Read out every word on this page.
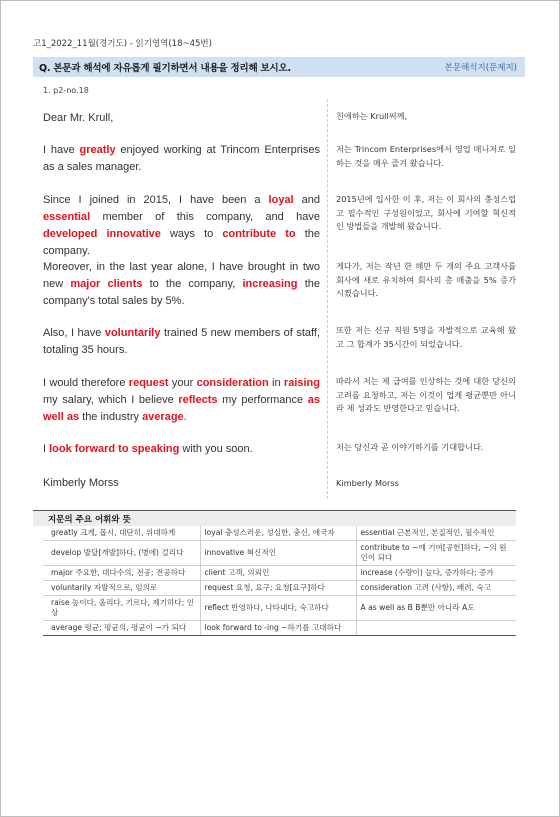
고1_2022_11월(경기도) - 읽기영역(18~45번)
Q. 본문과 해석에 자유롭게 필기하면서 내용을 정리해 보시오.	본문해석지(문제지)
1. p2-no.18
Dear Mr. Krull,	친애하는 Krull씨께,
I have greatly enjoyed working at Trincom Enterprises as a sales manager.
저는 Trincom Enterprises에서 영업 매니저로 일하는 것을 매우 즐겨 왔습니다.
Since I joined in 2015, I have been a loyal and essential member of this company, and have developed innovative ways to contribute to the company.
2015년에 입사한 이 후, 저는 이 회사의 충성스럽고 필수적인 구성원이었고, 회사에 기여할 혁신적인 방법들을 개발해 왔습니다.
Moreover, in the last year alone, I have brought in two new major clients to the company, increasing the company's total sales by 5%.
게다가, 저는 작년 한 해만 두 개의 주요 고객사를 회사에 새로 유치하여 회사의 총 매출을 5% 증가시켰습니다.
Also, I have voluntarily trained 5 new members of staff, totaling 35 hours.
또한 저는 신규 직원 5명을 자발적으로 교육해 왔고 그 합계가 35시간이 되었습니다.
I would therefore request your consideration in raising my salary, which I believe reflects my performance as well as the industry average.
따라서 저는 제 급여를 인상하는 것에 대한 당신의 고려를 요청하고, 저는 이것이 업계 평균뿐만 아니라 제 성과도 반영한다고 믿습니다.
I look forward to speaking with you soon.	저는 당신과 곧 이야기하기를 기대합니다.
Kimberly Morss	Kimberly Morss
지문의 주요 어휘와 뜻
greatly 크게, 몹시, 대단히, 위대하게	loyal 충성스러운, 성실한, 충신, 애국자	essential 근본적인, 본질적인, 필수적인
develop 발달[개발]하다, (병에) 걸리다	innovative 혁신적인	contribute to ~에 기여[공헌]하다, ~의 원인이 되다
major 주요한, 대다수의, 전공; 전공하다	client 고객, 의뢰인	increase (수량이) 늘다, 증가하다; 증가
voluntarily 자발적으로, 임의로	request 요청, 요구; 요청[요구]하다	consideration 고려 (사항), 배려, 숙고
raise 높이다, 올리다, 기르다, 제기하다; 인상	reflect 반영하다, 나타내다, 숙고하다	A as well as B B뿐만 아니라 A도
average 평균; 평균의, 평균이 ~가 되다	look forward to -ing ~하기를 고대하다	
